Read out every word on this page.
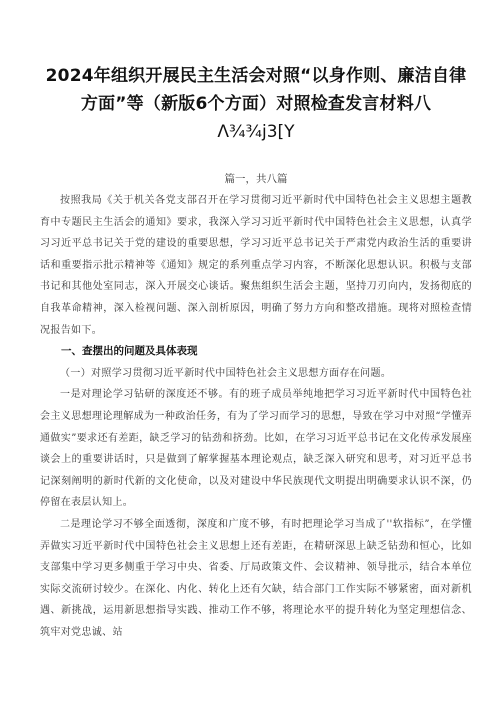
2024年组织开展民主生活会对照“以身作则、廉洁自律方面”等（新版6个方面）对照检查发言材料八
Λ¾¾j3[Y
篇一，共八篇

按照我局《关于机关各党支部召开在学习贯彻习近平新时代中国特色社会主义思想主题教育中专题民主生活会的通知》要求，我深入学习习近平新时代中国特色社会主义思想，认真学习习近平总书记关于党的建设的重要思想，学习习近平总书记关于严肃党内政治生活的重要讲话和重要指示批示精神等《通知》规定的系列重点学习内容，不断深化思想认识。积极与支部书记和其他处室同志，深入开展交心谈话。聚焦组织生活会主题，坚持刀刃向内，发扬彻底的自我革命精神，深入检视问题、深入剖析原因，明确了努力方向和整改措施。现将对照检查情况报告如下。

一、查摆出的问题及具体表现

（一）对照学习贯彻习近平新时代中国特色社会主义思想方面存在问题。

一是对理论学习钻研的深度还不够。有的班子成员举纯地把学习习近平新时代中国特色社会主义思想理论理解成为一种政治任务，有为了学习而学习的思想，导致在学习中对照“学懂弄通做实”要求还有差距，缺乏学习的钻劲和挤劲。比如，在学习习近平总书记在文化传承发展座谈会上的重要讲话时，只是做到了解掌握基本理论观点，缺乏深入研究和思考，对习近平总书记深刻阐明的新时代新的文化使命，以及对建设中华民族现代文明提出明确要求认识不深，仍停留在表层认知上。

二是理论学习不够全面透彻，深度和广度不够，有时把理论学习当成了''软指标”，在学懂弄做实习近平新时代中国特色社会主义思想上还有差距，在精研深思上缺乏钻劲和恒心，比如支部集中学习更多侧重于学习中央、省委、厅局政策文件、会议精神、领导批示，结合本单位实际交流研讨较少。在深化、内化、转化上还有欠缺，结合部门工作实际不够紧密，面对新机遇、新挑战，运用新思想指导实践、推动工作不够，将理论水平的提升转化为坚定理想信念、筑牢对党忠诚、站
